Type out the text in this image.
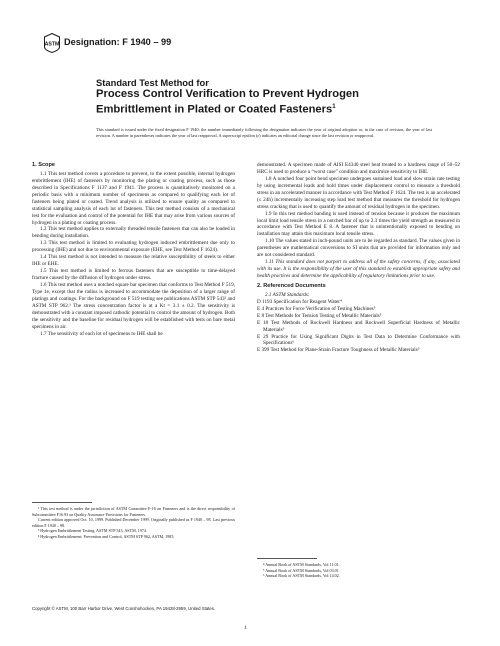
ASTM Designation: F 1940 – 99
Standard Test Method for
Process Control Verification to Prevent Hydrogen
Embrittlement in Plated or Coated Fasteners$^1$
This standard is issued under the fixed designation F 1940; the number immediately following the designation indicates the year of original adoption or, in the case of revision, the year of last revision. A number in parentheses indicates the year of last reapproval. A superscript epsilon (ε) indicates an editorial change since the last revision or reapproval.

1. Scope

1.1 This test method covers a procedure to prevent, to the extent possible, internal hydrogen embrittlement (IHE) of fasteners by monitoring the plating or coating process, such as those described in Specifications F 1137 and F 1941. The process is quantitatively monitored on a periodic basis with a minimum number of specimens as compared to qualifying each lot of fasteners being plated or coated. Trend analysis is utilized to ensure quality as compared to statistical sampling analysis of each lot of fasteners. This test method consists of a mechanical test for the evaluation and control of the potential for IHE that may arise from various sources of hydrogen in a plating or coating process.

1.2 This test method applies to externally threaded tensile fasteners that can also be loaded in bending during installation.

1.3 This test method is limited to evaluating hydrogen induced embrittlement due only to processing (IHE) and not due to environmental exposure (EHE, see Test Method F 1624).

1.4 This test method is not intended to measure the relative susceptibility of steels to either IHE or EHE.

1.5 This test method is limited to ferrous fasteners that are susceptible to time-delayed fracture caused by the diffusion of hydrogen under stress.

1.6 This test method uses a notched square bar specimen that conforms to Test Method F 519, Type 1e, except that the radius is increased to accommodate the deposition of a larger range of platings and coatings. For the background on F 519 testing see publications ASTM STP 543² and ASTM STP 962.³ The stress concentration factor is at a Kt = 3.1 ± 0.2. The sensitivity is demonstrated with a constant imposed cathodic potential to control the amount of hydrogen. Both the sensitivity and the baseline for residual hydrogen will be established with tests on bare metal specimens in air.

1.7 The sensitivity of each lot of specimens to IHE shall be

demonstrated. A specimen made of AISI E4340 steel heat treated to a hardness range of 50–52 HRC is used to produce a “worst case” condition and maximize sensitivity to IHE.

1.8 A notched four point bend specimen undergoes sustained load and slow strain rate testing by using incremental loads and hold times under displacement control to measure a threshold stress in an accelerated manner in accordance with Test Method F 1624. The test is an accelerated (≤ 24h) incrementally increasing step load test method that measures the threshold for hydrogen stress cracking that is used to quantify the amount of residual hydrogen in the specimen.

1.9 In this test method banding is used instead of tension because it produces the maximum local limit load tensile stress in a notched bar of up to 2.3 times the yield strength as measured in accordance with Test Method E 8. A fastener that is unintentionally exposed to bending on installation may attain this maximum local tensile stress.

1.10 The values stated in inch-pound units are to be regarded as standard. The values given in parentheses are mathematical conversions to SI units that are provided for information only and are not considered standard.

1.11 This standard does not purport to address all of the safety concerns, if any, associated with its use. It is the responsibility of the user of this standard to establish appropriate safety and health practices and determine the applicability of regulatory limitations prior to use.

2. Referenced Documents

2.1 ASTM Standards:

D 1193 Specification for Reagent Water⁴
E 4 Practices for Force Verification of Testing Machines⁵
E 8 Test Methods for Tension Testing of Metallic Materials⁵
E 18 Test Methods of Rockwell Hardness and Rockwell Superficial Hardness of Metallic Materials⁵
E 29 Practice for Using Significant Digits in Test Data to Determine Conformance with Specifications⁶
E 399 Test Method for Plane-Strain Fracture Toughness of Metallic Materials⁵

¹ This test method is under the jurisdiction of ASTM Committee F-16 on Fasteners and is the direct responsibility of Subcommittee F16.93 on Quality Assurance Provisions for Fasteners.

Current edition approved Oct. 10, 1999. Published December 1999. Originally published as F 1940 – 98. Last previous edition F 1940 – 98.

² Hydrogen Embrittlement Testing, ASTM STP 543, ASTM, 1974.

³ Hydrogen Embrittlement: Prevention and Control, ASTM STP 962, ASTM, 1985.

⁴ Annual Book of ASTM Standards, Vol 11.01.

⁵ Annual Book of ASTM Standards, Vol 03.01.

⁶ Annual Book of ASTM Standards, Vol 14.02.

Copyright © ASTM, 100 Barr Harbor Drive, West Conshohocken, PA 19428-2959, United States.
1
